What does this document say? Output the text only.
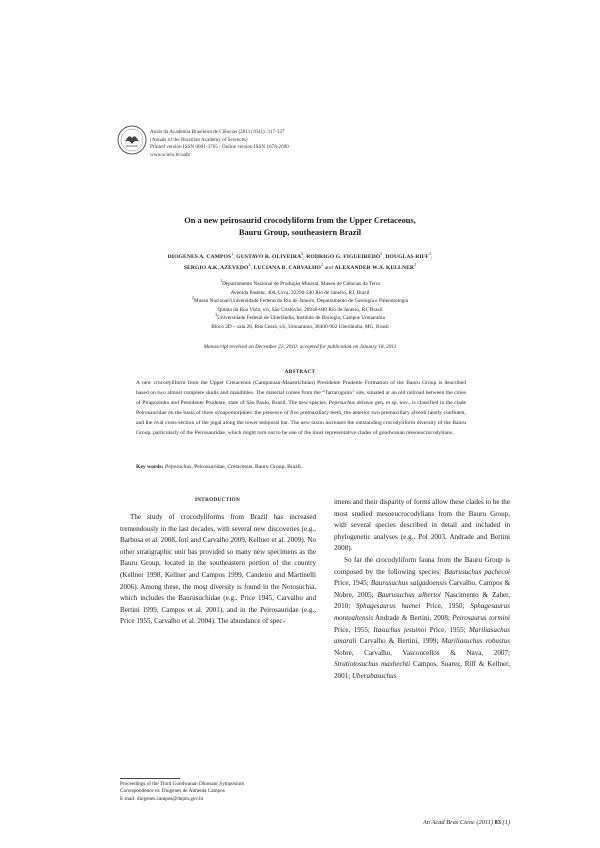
Anais da Academia Brasileira de Ciências (2011) 83(1): 317-327
(Annals of the Brazilian Academy of Sciences)
Printed version ISSN 0001-3765 / Online version ISSN 1678-2690
www.scielo.br/aabc
On a new peirosaurid crocodyliform from the Upper Cretaceous,
Bauru Group, southeastern Brazil
DIOGENES A. CAMPOS$^1$, GUSTAVO R. OLIVEIRA$^2$, RODRIGO G. FIGUEIREDO$^2$, DOUGLAS RIFF$^3$,
SERGIO A.K. AZEVEDO$^2$, LUCIANA B. CARVALHO$^2$ and ALEXANDER W.A. KELLNER$^2$
$^1$Departamento Nacional de Produção Mineral, Museu de Ciências da Terra
Avenida Pasteur, 404, Urca, 22290-240 Rio de Janeiro, RJ, Brasil
$^2$Museu Nacional/Universidade Federal do Rio de Janeiro, Departamento de Geologia e Paleontologia
Quinta da Boa Vista, s/n, São Cristóvão, 20940-040 Rio de Janeiro, RJ, Brasil
$^3$Universidade Federal de Uberlândia, Instituto de Biologia, Campus Umuarama
Bloco 2D – sala 28, Rua Ceará, s/n, Umuarama, 38400-902 Uberlândia, MG, Brasil
Manuscript received on December 22, 2010; accepted for publication on January 18, 2011
ABSTRACT
A new crocodyliform from the Upper Cretaceous (Campanian-Maastrichtian) Presidente Prudente Formation of the Bauru Group is described based on two almost complete skulls and mandibles. The material comes from the “Tartaruguito” site, situated at an old railroad between the cities of Pirapozinho and Presidente Prudente, state of São Paulo, Brazil. The new species, Pepesuchus deiseae gen. et sp. nov., is classified in the clade Peirosauridae on the basis of three synapomorphies: the presence of five premaxillary teeth, the anterior two premaxillary alveoli nearly confluent, and the oval cross-section of the jugal along the lower temporal bar. The new taxon increases the outstanding crocodyliform diversity of the Bauru Group, particularly of the Peirosauridae, which might turn out to be one of the most representative clades of gondwanan mesoeucrocodylians.
Key words: Pepesuchus, Peirosauridae, Cretaceous, Bauru Group, Brazil.
INTRODUCTION
The study of crocodyliforms from Brazil has increased tremendously in the last decades, with several new discoveries (e.g., Barbosa et al. 2008, Iori and Carvalho 2009, Kellner et al. 2009). No other stratigraphic unit has provided so many new specimens as the Bauru Group, located in the southeastern portion of the country (Kellner 1998, Kellner and Campos 1999, Candeiro and Martinelli 2006). Among these, the most diversity is found in the Notosuchia, which includes the Baurusuchidae (e.g., Price 1945, Carvalho and Bertini 1999, Campos et al. 2001), and in the Peirosauridae (e.g., Price 1955, Carvalho et al. 2004). The abundance of spec-

imens and their disparity of forms allow these clades to be the most studied mesoeucrocodylians from the Bauru Group, with several species described in detail and included in phylogenetic analyses (e.g., Pol 2003, Andrade and Bertini 2008).

So far the crocodyliform fauna from the Bauru Group is composed by the following species: Baurusuchus pachecoi Price, 1945; Baurusuchus salgadoensis Carvalho, Campos & Nobre, 2005; Baurusuchus albertoi Nascimento & Zaher, 2010; Sphagesaurus huenei Price, 1950; Sphagesaurus montealtensis Andrade & Bertini, 2008; Peirosaurus tormini Price, 1955; Itasuchus jesuinoi Price, 1955; Mariliasuchus amarali Carvalho & Bertini, 1999; Mariliasuchus robustus Nobre, Carvalho, Vasconcellos & Nava, 2007; Stratiotosuchus maxhechti Campos, Suarez, Riff & Kellner, 2001; Uberabasuchus

Proceedings of the Third Gondwanan Dinosaur Symposium
Correspondence to: Diogenes de Almeida Campos
E-mail: diogenes.campos@dnpm.gov.br
An Acad Bras Cienc (2011) 83 (1)
